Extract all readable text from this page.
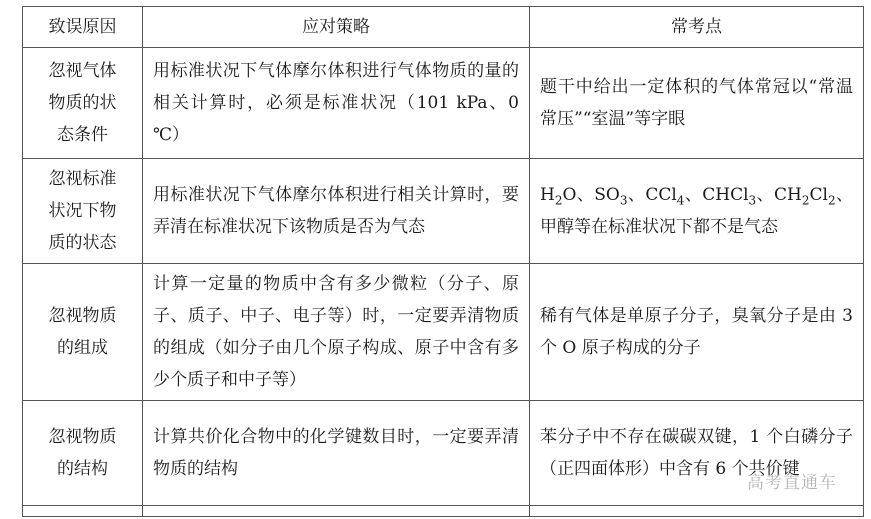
致误原因	应对策略	常考点
忽视气体
物质的状
态条件	用标准状况下气体摩尔体积进行气体物质的量的相关计算时，必须是标准状况（101 kPa、0 ℃）	题干中给出一定体积的气体常冠以“常温常压”“室温”等字眼
忽视标准
状况下物
质的状态	用标准状况下气体摩尔体积进行相关计算时，要弄清在标准状况下该物质是否为气态	$H_2O$、$SO_3$、CCl$_4$、CHCl$_3$、$CH_2Cl_2$、甲醇等在标准状况下都不是气态
忽视物质
的组成	计算一定量的物质中含有多少微粒（分子、原子、质子、中子、电子等）时，一定要弄清物质的组成（如分子由几个原子构成、原子中含有多少个质子和中子等）	稀有气体是单原子分子，臭氧分子是由 3 个 O 原子构成的分子
忽视物质
的结构	计算共价化合物中的化学键数目时，一定要弄清物质的结构	苯分子中不存在碳碳双键，1 个白磷分子（正四面体形）中含有 6 个共价键

高考直通车
